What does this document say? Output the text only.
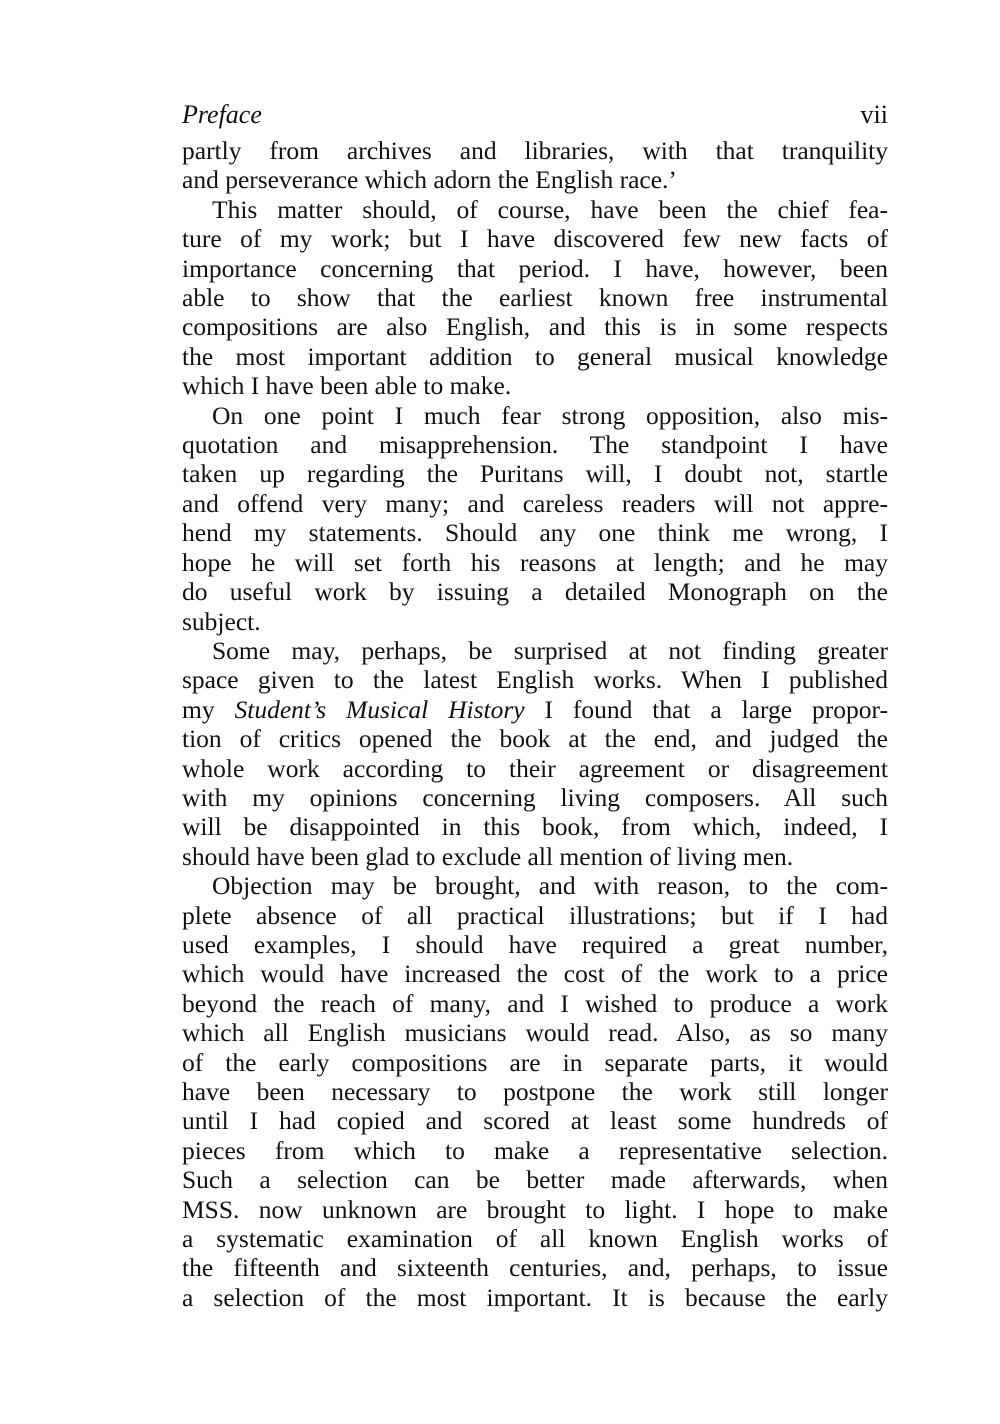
Preface	vii

partly from archives and libraries, with that tranquility
and perseverance which adorn the English race.’

This matter should, of course, have been the chief fea-
ture of my work; but I have discovered few new facts of
importance concerning that period. I have, however, been
able to show that the earliest known free instrumental
compositions are also English, and this is in some respects
the most important addition to general musical knowledge
which I have been able to make.

On one point I much fear strong opposition, also mis-
quotation and misapprehension. The standpoint I have
taken up regarding the Puritans will, I doubt not, startle
and offend very many; and careless readers will not appre-
hend my statements. Should any one think me wrong, I
hope he will set forth his reasons at length; and he may
do useful work by issuing a detailed Monograph on the
subject.

Some may, perhaps, be surprised at not finding greater
space given to the latest English works. When I published
my Student’s Musical History I found that a large propor-
tion of critics opened the book at the end, and judged the
whole work according to their agreement or disagreement
with my opinions concerning living composers. All such
will be disappointed in this book, from which, indeed, I
should have been glad to exclude all mention of living men.

Objection may be brought, and with reason, to the com-
plete absence of all practical illustrations; but if I had
used examples, I should have required a great number,
which would have increased the cost of the work to a price
beyond the reach of many, and I wished to produce a work
which all English musicians would read. Also, as so many
of the early compositions are in separate parts, it would
have been necessary to postpone the work still longer
until I had copied and scored at least some hundreds of
pieces from which to make a representative selection.
Such a selection can be better made afterwards, when
MSS. now unknown are brought to light. I hope to make
a systematic examination of all known English works of
the fifteenth and sixteenth centuries, and, perhaps, to issue
a selection of the most important. It is because the early
